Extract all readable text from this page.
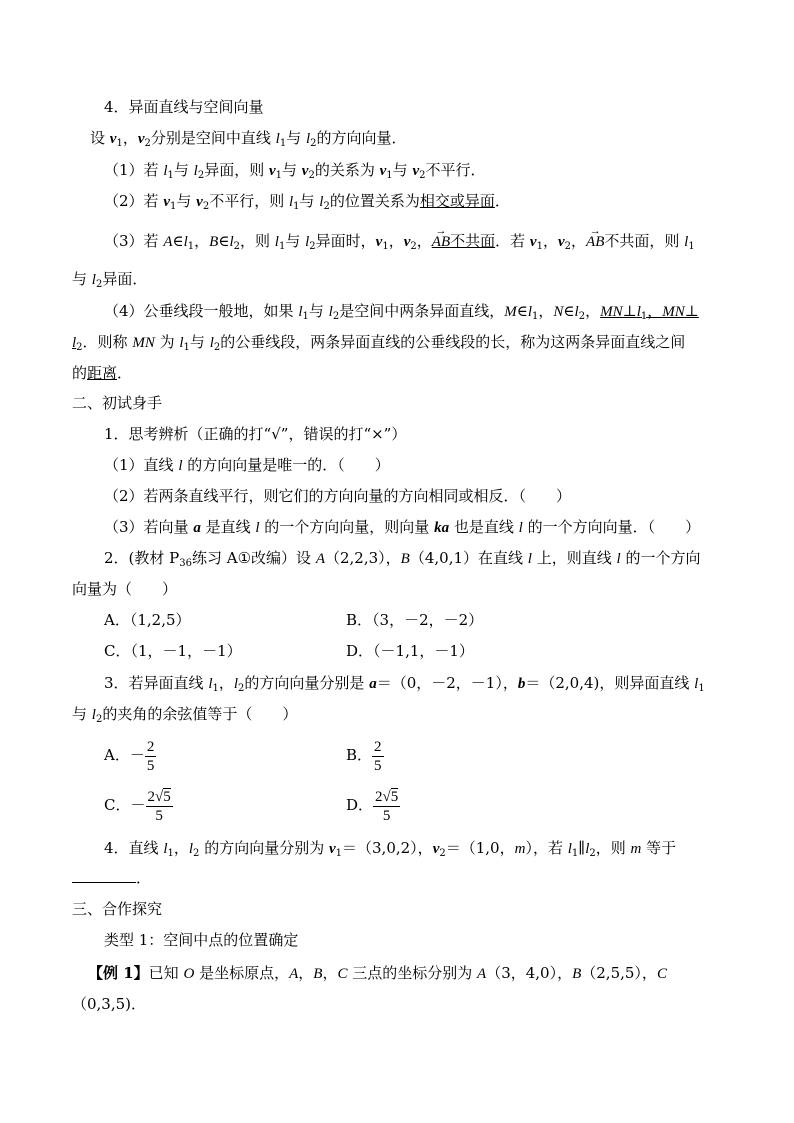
4．异面直线与空间向量
设 $v_1$，$v_2$分别是空间中直线 $l_1$与 $l_2$的方向向量．
（1）若 $l_1$与 $l_2$异面，则 $v_1$与 $v_2$的关系为 $v_1$与 $v_2$不平行．
（2）若 $v_1$与 $v_2$不平行，则 $l_1$与 $l_2$的位置关系为相交或异面．
（3）若 $A\in l_1$，$B\in l_2$，则 $l_1$与 $l_2$异面时，$v_1$，$v_2$，→ AB不共面．若 $v_1$，$v_2$，→ AB不共面，则 $l_1$
与 $l_2$异面．
（4）公垂线段一般地，如果 $l_1$与 $l_2$是空间中两条异面直线，$M\in l_1$，$N\in l_2$，$MN\perp l_1$，MN⊥
$l_2$．则称 MN 为 $l_1$与 $l_2$的公垂线段，两条异面直线的公垂线段的长，称为这两条异面直线之间
的距离．
二、初试身手
1．思考辨析（正确的打“√”，错误的打“×”）
（1）直线 l 的方向向量是唯一的．（　　）
（2）若两条直线平行，则它们的方向向量的方向相同或相反．（　　）
（3）若向量 a 是直线 l 的一个方向向量，则向量 ka 也是直线 l 的一个方向向量．（　　）
2．(教材 $P_{36}$练习 A①改编）设 A（2,2,3），B（4,0,1）在直线 l 上，则直线 l 的一个方向
向量为（　　）
A．（1,2,5）	B．（3，－2，－2）
C．（1，－1，－1）	D．（－1,1，－1）
3．若异面直线 $l_1$，$l_2$的方向向量分别是 a＝（0，－2，－1），b＝（2,0,4)，则异面直线 $l_1$
与 $l_2$的夹角的余弦值等于（　　）
A．－ $\frac{2}{5}$	B． $\frac{2}{5}$
C．－ $\frac{2√5}{5}$	D． $\frac{2√5}{5}$
4．直线 $l_1$，$l_2$ 的方向向量分别为 $v_1=(3,0,2)$，$v_2=(1,0$，m），若 $l_1\parallel l_2$，则 m 等于
．
三、合作探究
类型 1：空间中点的位置确定
【例 1】已知 O 是坐标原点，A，B，C 三点的坐标分别为 A（3，4,0），B（2,5,5），C
（0,3,5)．
